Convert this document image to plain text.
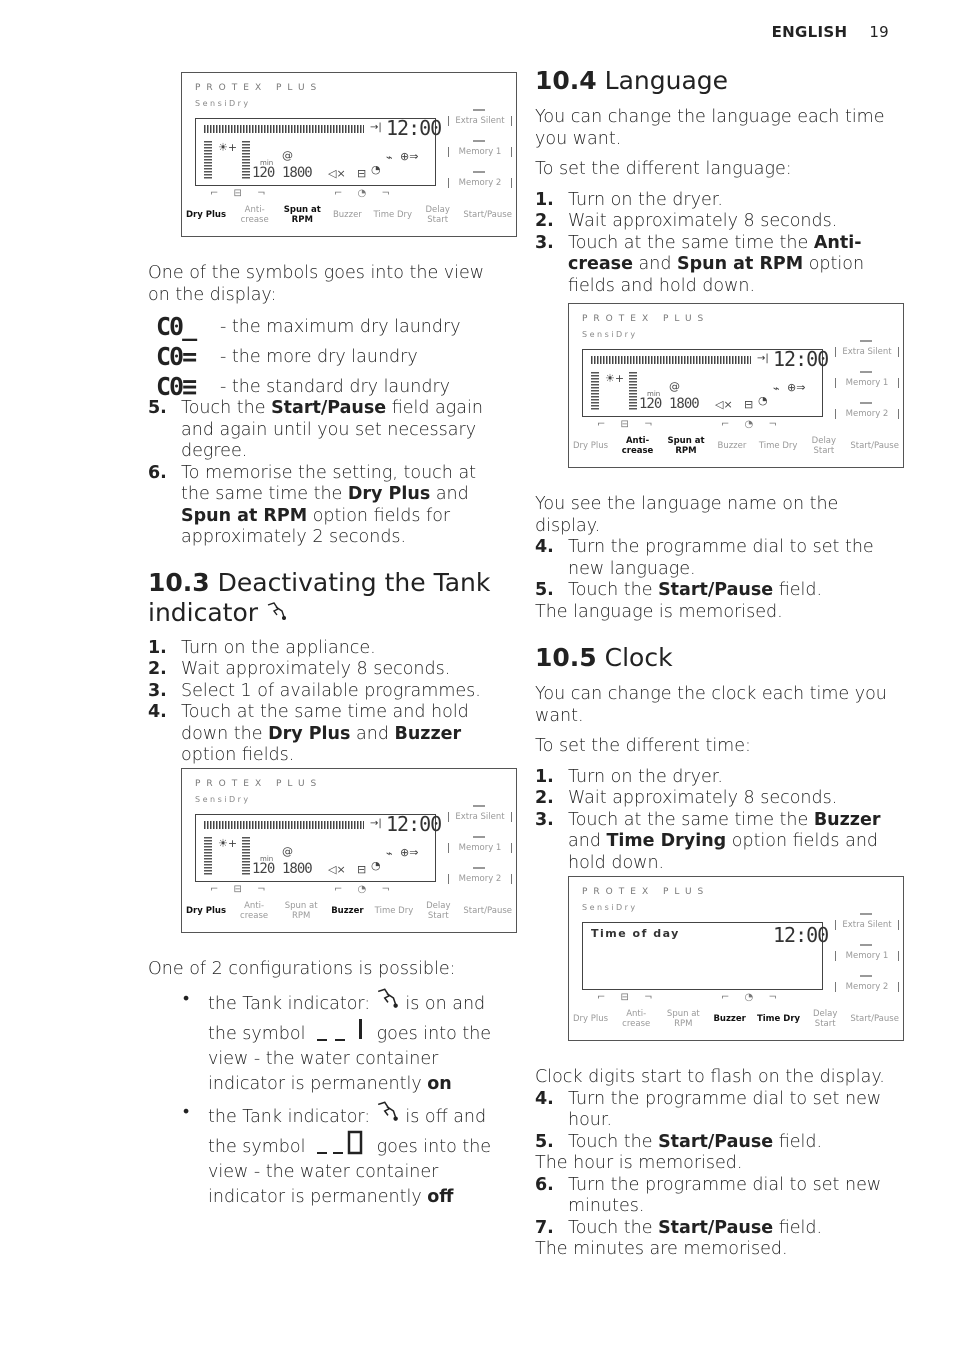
ENGLISH 19
PROTEX PLUS
SensiDry
→| 12:00
☀+
min
120
@
1800 ◁× ⊟ ◔
⌁ ⊕⇒
Extra Silent
Memory 1
Memory 2
Dry Plus	Anti-crease
Spun at RPM	Buzzer Time Dry Delay Start	Start/Pause
⌐ ⊟ ¬	⌐ ◔ ¬
PROTEX PLUS
SensiDry
→| 12:00
☀+
min
120
@
1800 ◁× ⊟ ◔
⌁ ⊕⇒
Extra Silent
Memory 1
Memory 2
Dry Plus	Anti-crease
Spun at RPM	Buzzer Time Dry Delay Start	Start/Pause
⌐ ⊟ ¬	⌐ ◔ ¬
PROTEX PLUS
SensiDry
→| 12:00
☀+
min
120
@
1800 ◁× ⊟ ◔
⌁ ⊕⇒
Extra Silent
Memory 1
Memory 2
Dry Plus	Anti-crease
Spun at RPM	Buzzer Time Dry Delay Start	Start/Pause
⌐ ⊟ ¬	⌐ ◔ ¬
PROTEX PLUS
SensiDry
Time of day	12:00	Extra Silent
Memory 1
Memory 2
Dry Plus	Anti-crease
Spun at RPM	Buzzer Time Dry Delay Start	Start/Pause
⌐ ⊟ ¬	⌐ ◔ ¬

One of the symbols goes into the view on the display:

C0_ - the maximum dry laundry

C0= - the more dry laundry

C0≡ - the standard dry laundry

5. Touch the Start/Pause field again and again until you set necessary degree.
6. To memorise the setting, touch at the same time the Dry Plus and Spun at RPM option fields for approximately 2 seconds.
10.3 Deactivating the Tank indicator
1. Turn on the appliance.
2. Wait approximately 8 seconds.
3. Select 1 of available programmes.
4. Touch at the same time and hold down the Dry Plus and Buzzer option fields.

One of 2 configurations is possible:

• the Tank indicator:  is on and the symbol	goes into the view - the water container indicator is permanently on
• the Tank indicator:  is off and the symbol	goes into the view - the water container indicator is permanently off
10.4 Language

You can change the language each time you want.

To set the different language:

1. Turn on the dryer.
2. Wait approximately 8 seconds.
3. Touch at the same time the Anti-crease and Spun at RPM option fields and hold down.

You see the language name on the display.

4. Turn the programme dial to set the new language.
5. Touch the Start/Pause field.

The language is memorised.

10.5 Clock

You can change the clock each time you want.

To set the different time:

1. Turn on the dryer.
2. Wait approximately 8 seconds.
3. Touch at the same time the Buzzer and Time Drying option fields and hold down.

Clock digits start to flash on the display.

4. Turn the programme dial to set new hour.
5. Touch the Start/Pause field.

The hour is memorised.

6. Turn the programme dial to set new minutes.
7. Touch the Start/Pause field.

The minutes are memorised.
